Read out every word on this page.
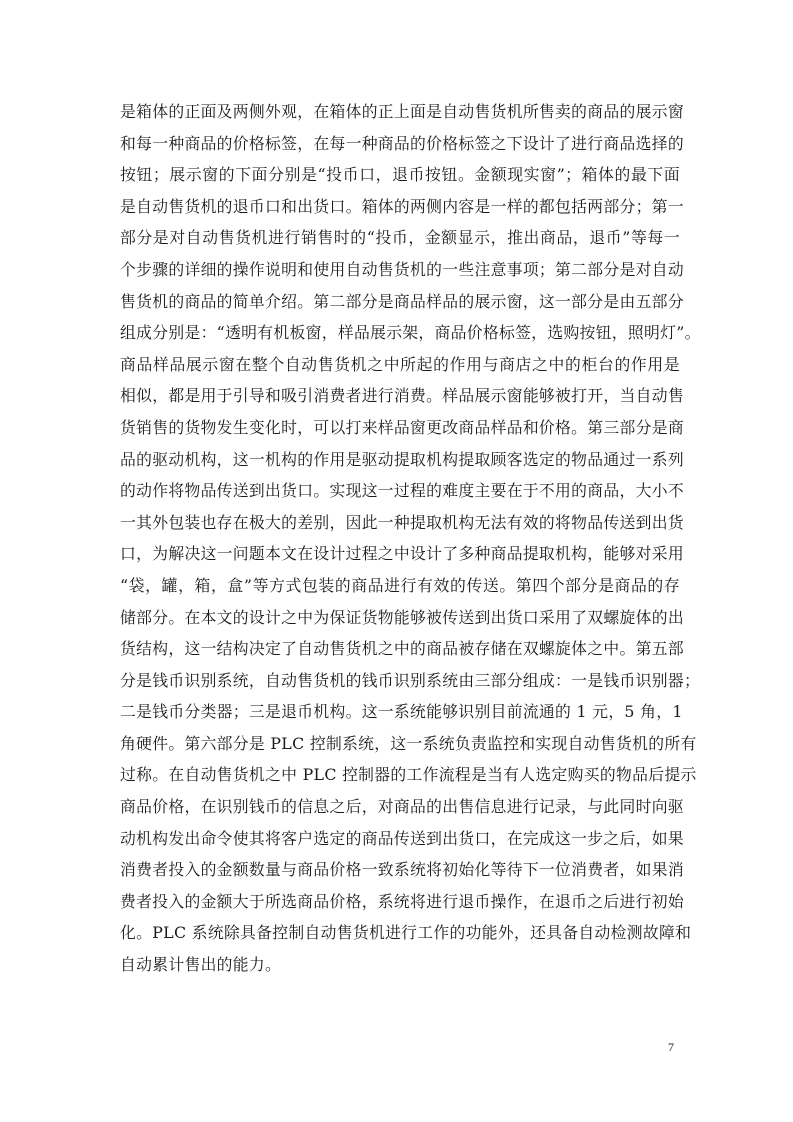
是箱体的正面及两侧外观，在箱体的正上面是自动售货机所售卖的商品的展示窗
和每一种商品的价格标签，在每一种商品的价格标签之下设计了进行商品选择的
按钮；展示窗的下面分别是“投币口，退币按钮。金额现实窗”；箱体的最下面
是自动售货机的退币口和出货口。箱体的两侧内容是一样的都包括两部分；第一
部分是对自动售货机进行销售时的“投币，金额显示，推出商品，退币”等每一
个步骤的详细的操作说明和使用自动售货机的一些注意事项；第二部分是对自动
售货机的商品的简单介绍。第二部分是商品样品的展示窗，这一部分是由五部分
组成分别是：“透明有机板窗，样品展示架，商品价格标签，选购按钮，照明灯”。
商品样品展示窗在整个自动售货机之中所起的作用与商店之中的柜台的作用是
相似，都是用于引导和吸引消费者进行消费。样品展示窗能够被打开，当自动售
货销售的货物发生变化时，可以打来样品窗更改商品样品和价格。第三部分是商
品的驱动机构，这一机构的作用是驱动提取机构提取顾客选定的物品通过一系列
的动作将物品传送到出货口。实现这一过程的难度主要在于不用的商品，大小不
一其外包装也存在极大的差别，因此一种提取机构无法有效的将物品传送到出货
口，为解决这一问题本文在设计过程之中设计了多种商品提取机构，能够对采用
“袋，罐，箱，盒”等方式包装的商品进行有效的传送。第四个部分是商品的存
储部分。在本文的设计之中为保证货物能够被传送到出货口采用了双螺旋体的出
货结构，这一结构决定了自动售货机之中的商品被存储在双螺旋体之中。第五部
分是钱币识别系统，自动售货机的钱币识别系统由三部分组成：一是钱币识别器；
二是钱币分类器；三是退币机构。这一系统能够识别目前流通的 1 元，5 角，1
角硬件。第六部分是 PLC 控制系统，这一系统负责监控和实现自动售货机的所有
过称。在自动售货机之中 PLC 控制器的工作流程是当有人选定购买的物品后提示
商品价格，在识别钱币的信息之后，对商品的出售信息进行记录，与此同时向驱
动机构发出命令使其将客户选定的商品传送到出货口，在完成这一步之后，如果
消费者投入的金额数量与商品价格一致系统将初始化等待下一位消费者，如果消
费者投入的金额大于所选商品价格，系统将进行退币操作，在退币之后进行初始
化。PLC 系统除具备控制自动售货机进行工作的功能外，还具备自动检测故障和
自动累计售出的能力。
7
